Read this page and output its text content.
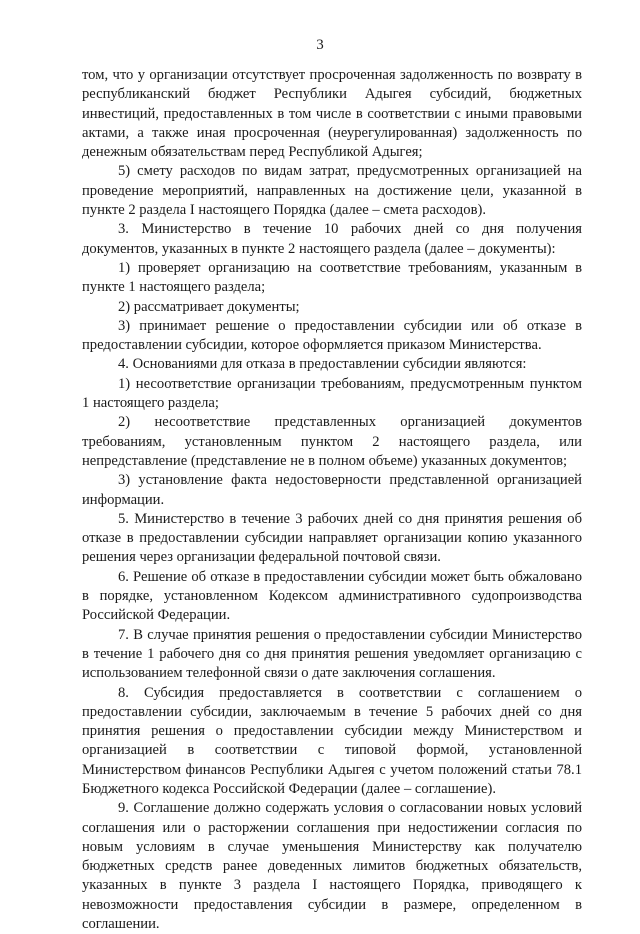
3

том, что у организации отсутствует просроченная задолженность по возврату в республиканский бюджет Республики Адыгея субсидий, бюджетных инвестиций, предоставленных в том числе в соответствии с иными правовыми актами, а также иная просроченная (неурегулированная) задолженность по денежным обязательствам перед Республикой Адыгея;

5) смету расходов по видам затрат, предусмотренных организацией на проведение мероприятий, направленных на достижение цели, указанной в пункте 2 раздела I настоящего Порядка (далее – смета расходов).

3. Министерство в течение 10 рабочих дней со дня получения документов, указанных в пункте 2 настоящего раздела (далее – документы):

1) проверяет организацию на соответствие требованиям, указанным в пункте 1 настоящего раздела;

2) рассматривает документы;

3) принимает решение о предоставлении субсидии или об отказе в предоставлении субсидии, которое оформляется приказом Министерства.

4. Основаниями для отказа в предоставлении субсидии являются:

1) несоответствие организации требованиям, предусмотренным пунктом 1 настоящего раздела;

2) несоответствие представленных организацией документов требованиям, установленным пунктом 2 настоящего раздела, или непредставление (представление не в полном объеме) указанных документов;

3) установление факта недостоверности представленной организацией информации.

5. Министерство в течение 3 рабочих дней со дня принятия решения об отказе в предоставлении субсидии направляет организации копию указанного решения через организации федеральной почтовой связи.

6. Решение об отказе в предоставлении субсидии может быть обжаловано в порядке, установленном Кодексом административного судопроизводства Российской Федерации.

7. В случае принятия решения о предоставлении субсидии Министерство в течение 1 рабочего дня со дня принятия решения уведомляет организацию с использованием телефонной связи о дате заключения соглашения.

8. Субсидия предоставляется в соответствии с соглашением о предоставлении субсидии, заключаемым в течение 5 рабочих дней со дня принятия решения о предоставлении субсидии между Министерством и организацией в соответствии с типовой формой, установленной Министерством финансов Республики Адыгея с учетом положений статьи 78.1 Бюджетного кодекса Российской Федерации (далее – соглашение).

9. Соглашение должно содержать условия о согласовании новых условий соглашения или о расторжении соглашения при недостижении согласия по новым условиям в случае уменьшения Министерству как получателю бюджетных средств ранее доведенных лимитов бюджетных обязательств, указанных в пункте 3 раздела I настоящего Порядка, приводящего к невозможности предоставления субсидии в размере, определенном в соглашении.
